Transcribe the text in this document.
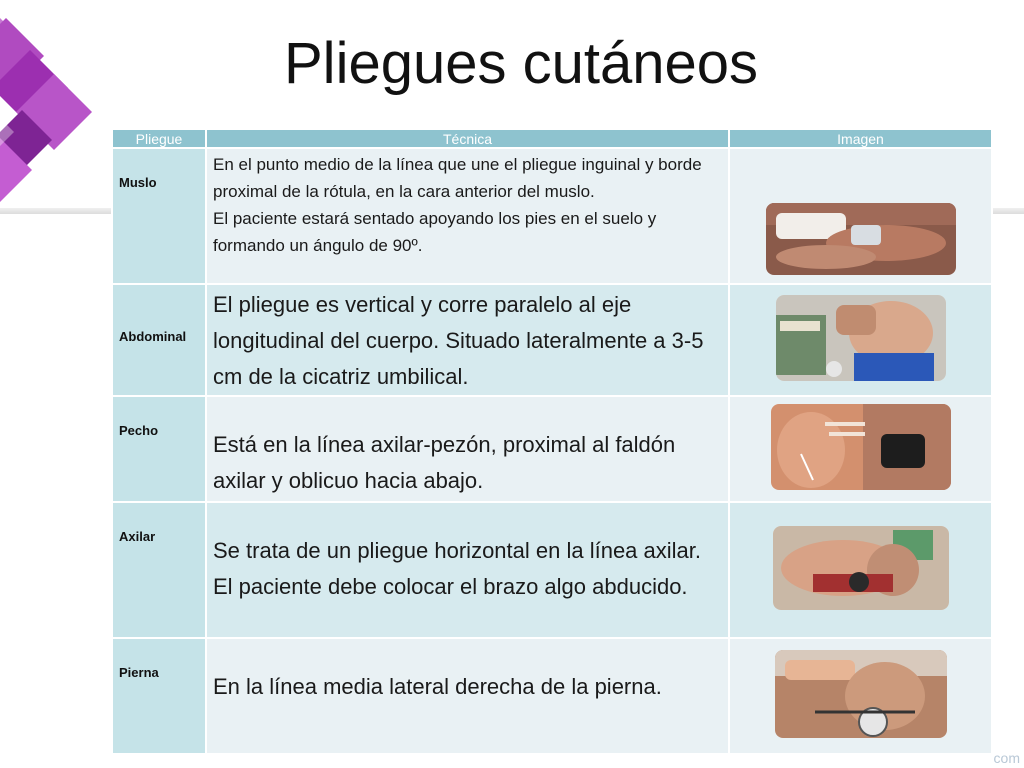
Pliegues cutáneos
Pliegue	Técnica	Imagen
Muslo	En el punto medio de la línea que une el pliegue inguinal y borde proximal de la rótula, en la cara anterior del muslo.
El paciente estará sentado apoyando los pies en el suelo y formando un ángulo de 90º.

Abdominal	El pliegue es vertical y corre paralelo al eje longitudinal del cuerpo. Situado lateralmente a 3-5 cm de la cicatriz umbilical.	

Pecho	Está en la línea axilar-pezón, proximal al faldón axilar y oblicuo hacia abajo.	

Axilar	Se trata de un pliegue horizontal en la línea axilar. El paciente debe colocar el brazo algo abducido.	

Pierna	En la línea media lateral derecha de la pierna.	
com
